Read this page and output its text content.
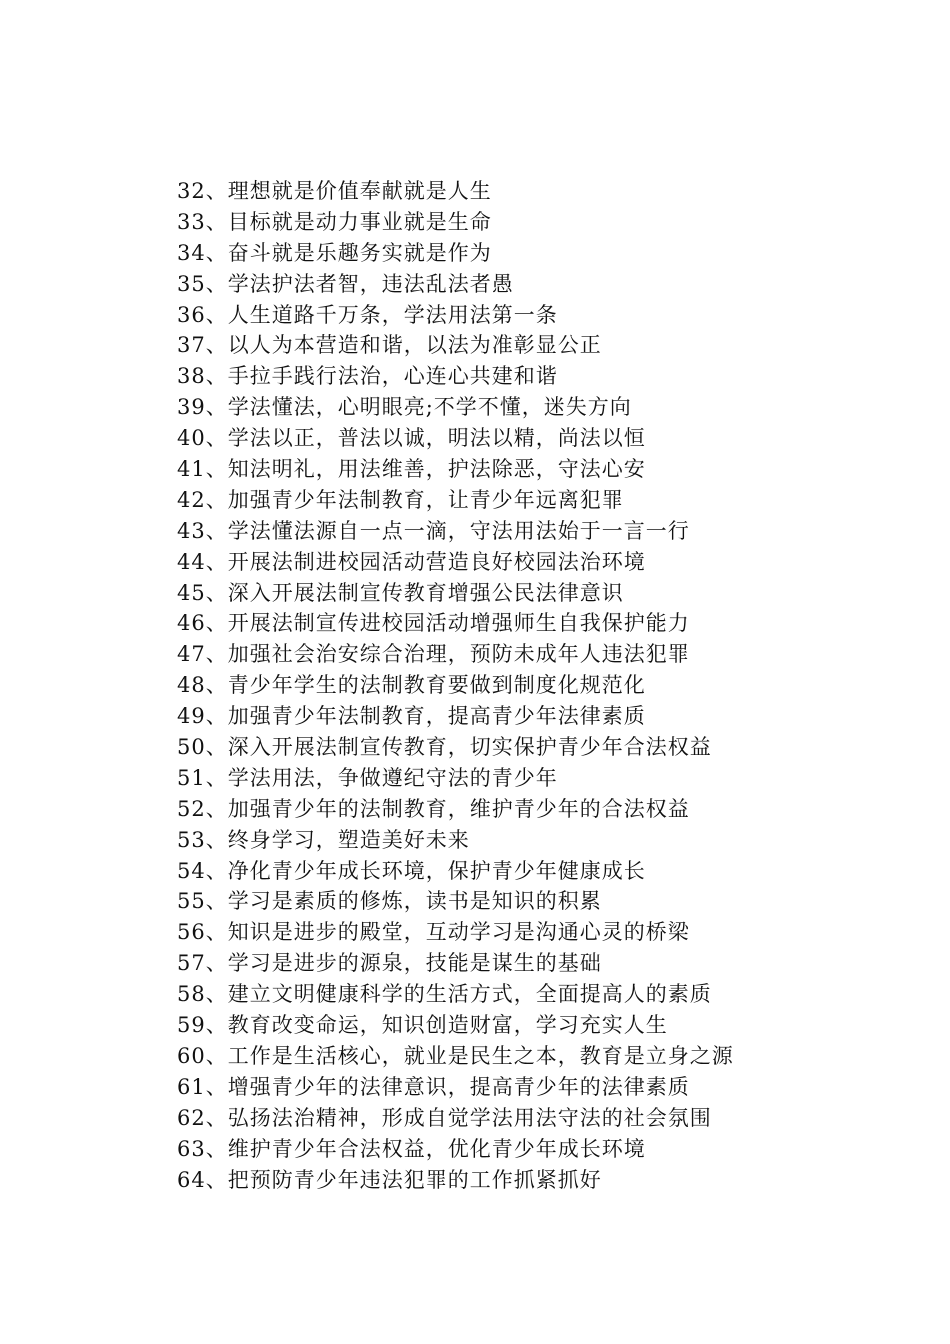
32、理想就是价值奉献就是人生
33、目标就是动力事业就是生命
34、奋斗就是乐趣务实就是作为
35、学法护法者智，违法乱法者愚
36、人生道路千万条，学法用法第一条
37、以人为本营造和谐，以法为准彰显公正
38、手拉手践行法治，心连心共建和谐
39、学法懂法，心明眼亮;不学不懂，迷失方向
40、学法以正，普法以诚，明法以精，尚法以恒
41、知法明礼，用法维善，护法除恶，守法心安
42、加强青少年法制教育，让青少年远离犯罪
43、学法懂法源自一点一滴，守法用法始于一言一行
44、开展法制进校园活动营造良好校园法治环境
45、深入开展法制宣传教育增强公民法律意识
46、开展法制宣传进校园活动增强师生自我保护能力
47、加强社会治安综合治理，预防未成年人违法犯罪
48、青少年学生的法制教育要做到制度化规范化
49、加强青少年法制教育，提高青少年法律素质
50、深入开展法制宣传教育，切实保护青少年合法权益
51、学法用法，争做遵纪守法的青少年
52、加强青少年的法制教育，维护青少年的合法权益
53、终身学习，塑造美好未来
54、净化青少年成长环境，保护青少年健康成长
55、学习是素质的修炼，读书是知识的积累
56、知识是进步的殿堂，互动学习是沟通心灵的桥梁
57、学习是进步的源泉，技能是谋生的基础
58、建立文明健康科学的生活方式，全面提高人的素质
59、教育改变命运，知识创造财富，学习充实人生
60、工作是生活核心，就业是民生之本，教育是立身之源
61、增强青少年的法律意识，提高青少年的法律素质
62、弘扬法治精神，形成自觉学法用法守法的社会氛围
63、维护青少年合法权益，优化青少年成长环境
64、把预防青少年违法犯罪的工作抓紧抓好
